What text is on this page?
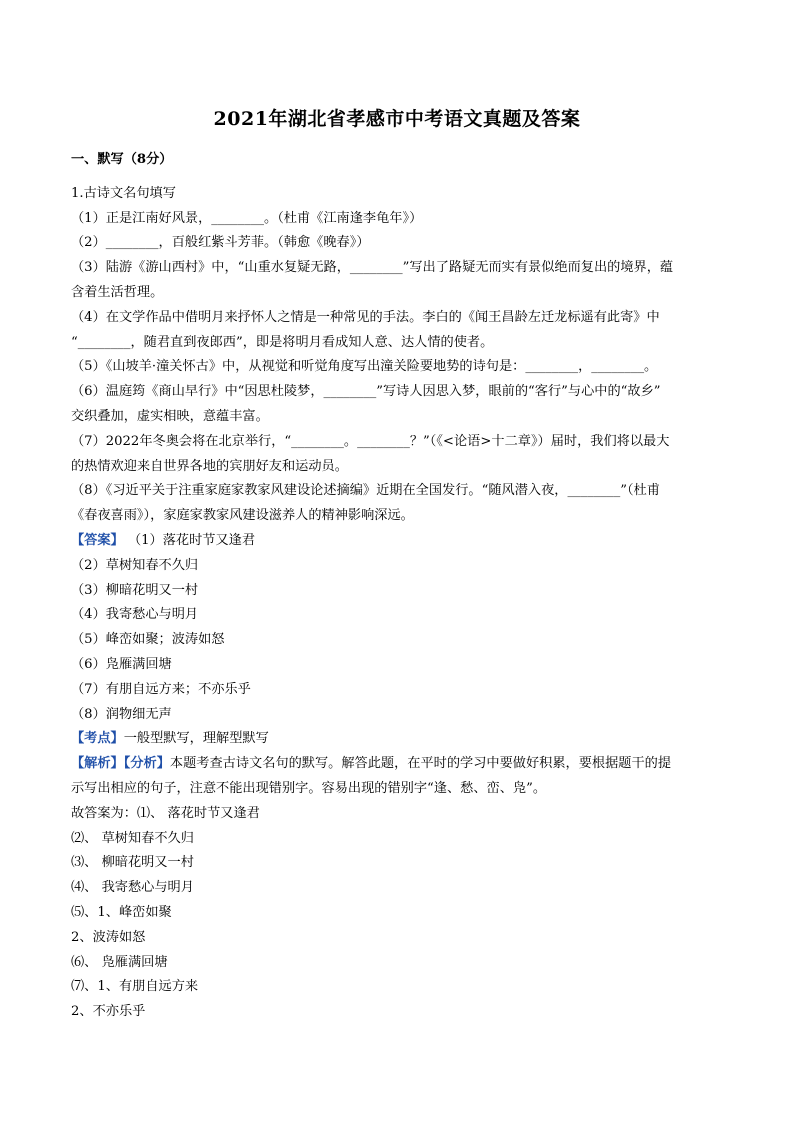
2021年湖北省孝感市中考语文真题及答案

一、默写（8分）

1.古诗文名句填写

（1）正是江南好风景，________。（杜甫《江南逢李龟年》）

（2）________，百般红紫斗芳菲。（韩愈《晚春》）

（3）陆游《游山西村》中，“山重水复疑无路，________”写出了路疑无而实有景似绝而复出的境界，蕴

含着生活哲理。

（4）在文学作品中借明月来抒怀人之情是一种常见的手法。李白的《闻王昌龄左迁龙标遥有此寄》中

“________，随君直到夜郎西”，即是将明月看成知人意、达人情的使者。

（5）《山坡羊·潼关怀古》中，从视觉和听觉角度写出潼关险要地势的诗句是：________，________。

（6）温庭筠《商山早行》中“因思杜陵梦，________”写诗人因思入梦，眼前的“客行”与心中的“故乡”

交织叠加，虚实相映，意蕴丰富。

（7）2022年冬奥会将在北京举行，“________。________？”（《<论语>十二章》）届时，我们将以最大

的热情欢迎来自世界各地的宾朋好友和运动员。

（8）《习近平关于注重家庭家教家风建设论述摘编》近期在全国发行。“随风潜入夜，________”（杜甫

《春夜喜雨》），家庭家教家风建设滋养人的精神影响深远。

【答案】 （1）落花时节又逢君

（2）草树知春不久归

（3）柳暗花明又一村

（4）我寄愁心与明月

（5）峰峦如聚；波涛如怒

（6）凫雁满回塘

（7）有朋自远方来；不亦乐乎

（8）润物细无声

【考点】一般型默写，理解型默写

【解析】【分析】本题考查古诗文名句的默写。解答此题，在平时的学习中要做好积累，要根据题干的提

示写出相应的句子，注意不能出现错别字。容易出现的错别字“逢、愁、峦、凫”。

故答案为：⑴、 落花时节又逢君

⑵、 草树知春不久归

⑶、 柳暗花明又一村

⑷、 我寄愁心与明月

⑸、1、峰峦如聚

2、波涛如怒

⑹、 凫雁满回塘

⑺、1、有朋自远方来

2、不亦乐乎
